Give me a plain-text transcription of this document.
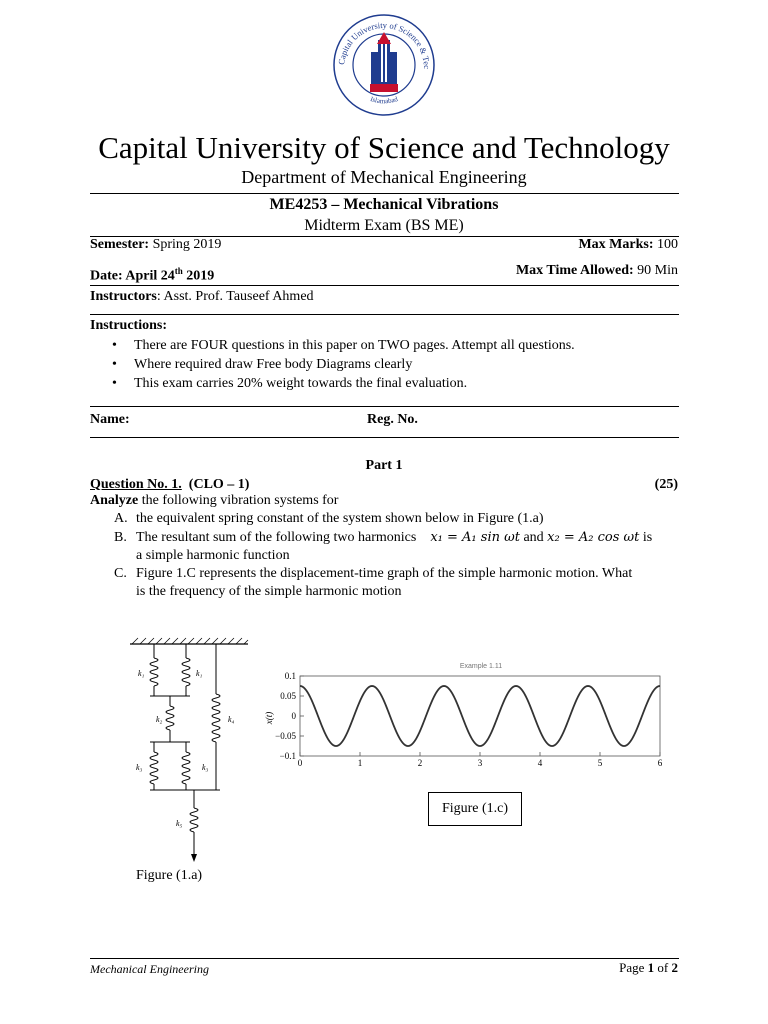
Capital University of Science & Tec
Islamabad
Capital University of Science and Technology
Department of Mechanical Engineering
ME4253 – Mechanical Vibrations
Midterm Exam (BS ME)
Semester: Spring 2019	Max Marks: 100
Date: April 24th 2019	Max Time Allowed: 90 Min
Instructors: Asst. Prof. Tauseef Ahmed
Instructions:
• There are FOUR questions in this paper on TWO pages. Attempt all questions.
• Where required draw Free body Diagrams clearly
• This exam carries 20% weight towards the final evaluation.
Name:	Reg. No.
Part 1
Question No. 1. (CLO – 1)	(25)
Analyze the following vibration systems for
A. the equivalent spring constant of the system shown below in Figure (1.a)
B. The resultant sum of the following two harmonics x₁ = A₁ sin ωt and x₂ = A₂ cos ωt is
a simple harmonic function
C. Figure 1.C represents the displacement-time graph of the simple harmonic motion. What
is the frequency of the simple harmonic motion
k₁	k₁
k₂	k₄
k₃	k₃
k₅
Figure (1.a)
Example 1.11
0	1	2	3	4	5	6
0.1
0.05
0
−0.05
−0.1
x(t)
Figure (1.c)
Mechanical Engineering	Page 1 of 2
